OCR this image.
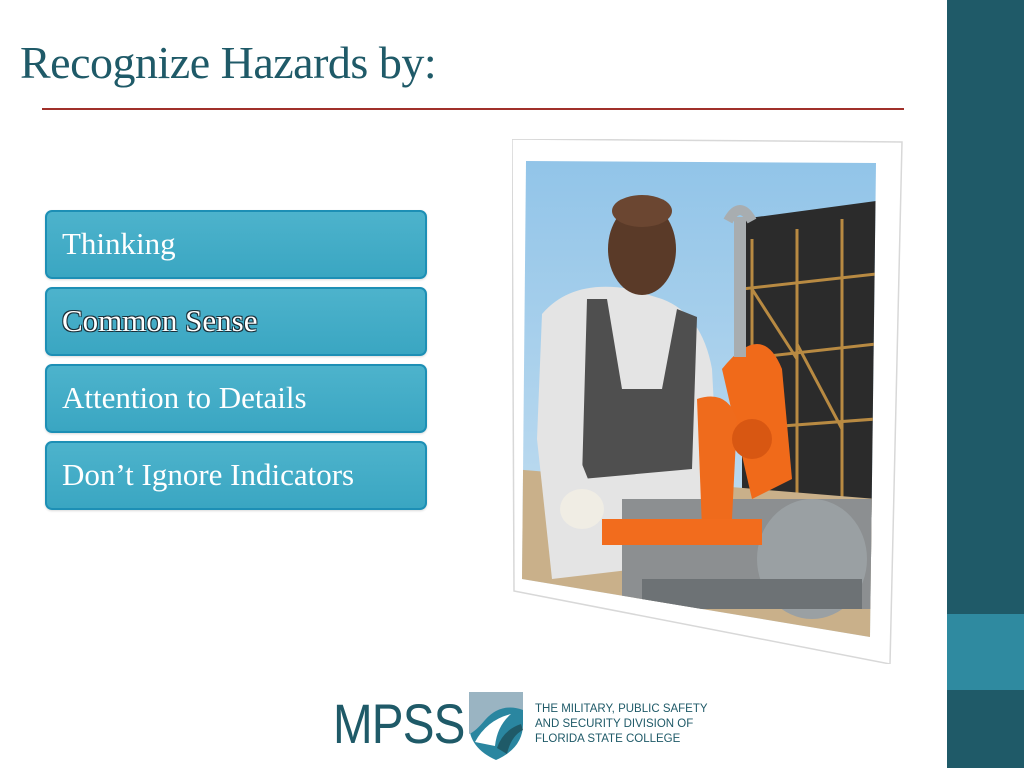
Recognize Hazards by:
Thinking
Common Sense
Attention to Details
Don’t Ignore Indicators
MPSS	THE MILITARY, PUBLIC SAFETY
AND SECURITY DIVISION OF
FLORIDA STATE COLLEGE
